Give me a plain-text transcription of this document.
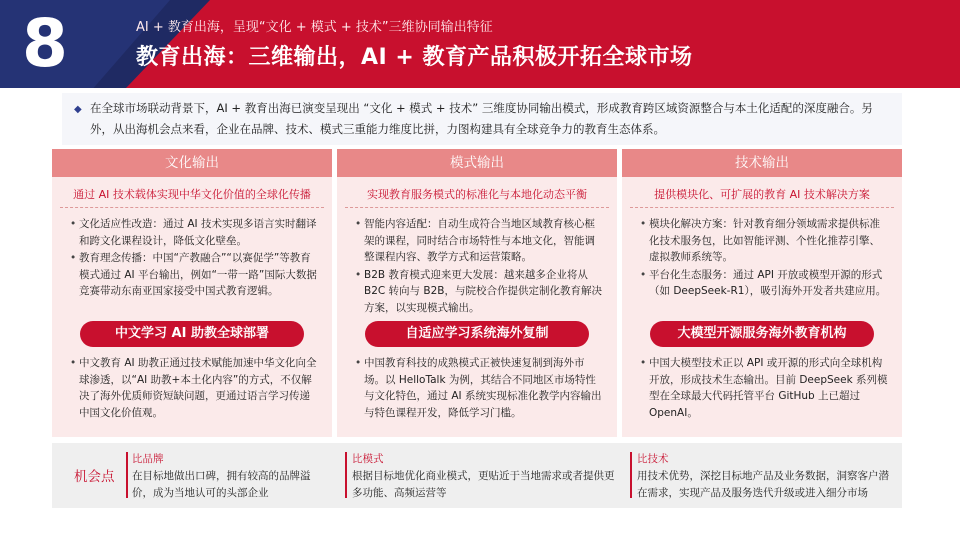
8	AI + 教育出海，呈现“文化 + 模式 + 技术”三维协同输出特征
教育出海：三维输出，AI + 教育产品积极开拓全球市场
◆ 在全球市场联动背景下，AI + 教育出海已演变呈现出 “文化 + 模式 + 技术” 三维度协同输出模式，形成教育跨区域资源整合与本土化适配的深度融合。另外，从出海机会点来看，企业在品牌、技术、模式三重能力维度比拼，力图构建具有全球竞争力的教育生态体系。
文化输出
通过 AI 技术载体实现中华文化价值的全球化传播
• 文化适应性改造：通过 AI 技术实现多语言实时翻译和跨文化课程设计，降低文化壁垒。
• 教育理念传播：中国“产教融合”“以赛促学”等教育模式通过 AI 平台输出，例如“一带一路”国际大数据竞赛带动东南亚国家接受中国式教育逻辑。
中文学习 AI 助教全球部署
• 中文教育 AI 助教正通过技术赋能加速中华文化向全球渗透，以“AI 助教+本土化内容”的方式，不仅解决了海外优质师资短缺问题，更通过语言学习传递中国文化价值观。
模式输出
实现教育服务模式的标准化与本地化动态平衡
• 智能内容适配：自动生成符合当地区域教育核心框架的课程，同时结合市场特性与本地文化，智能调整课程内容、教学方式和运营策略。
• B2B 教育模式迎来更大发展：越来越多企业将从 B2C 转向与 B2B，与院校合作提供定制化教育解决方案，以实现模式输出。
自适应学习系统海外复制
• 中国教育科技的成熟模式正被快速复制到海外市场。以 HelloTalk 为例，其结合不同地区市场特性与文化特色，通过 AI 系统实现标准化教学内容输出与特色课程开发，降低学习门槛。
技术输出
提供模块化、可扩展的教育 AI 技术解决方案
• 模块化解决方案：针对教育细分领域需求提供标准化技术服务包，比如智能评测、个性化推荐引擎、虚拟教师系统等。
• 平台化生态服务：通过 API 开放或模型开源的形式（如 DeepSeek-R1），吸引海外开发者共建应用。
大模型开源服务海外教育机构
• 中国大模型技术正以 API 或开源的形式向全球机构开放，形成技术生态输出。目前 DeepSeek 系列模型在全球最大代码托管平台 GitHub 上已超过 OpenAI。
机会点
比品牌
在目标地做出口碑，拥有较高的品牌溢价，成为当地认可的头部企业
比模式
根据目标地优化商业模式，更贴近于当地需求或者提供更多功能、高频运营等
比技术
用技术优势，深挖目标地产品及业务数据，洞察客户潜在需求，实现产品及服务迭代升级或进入细分市场
